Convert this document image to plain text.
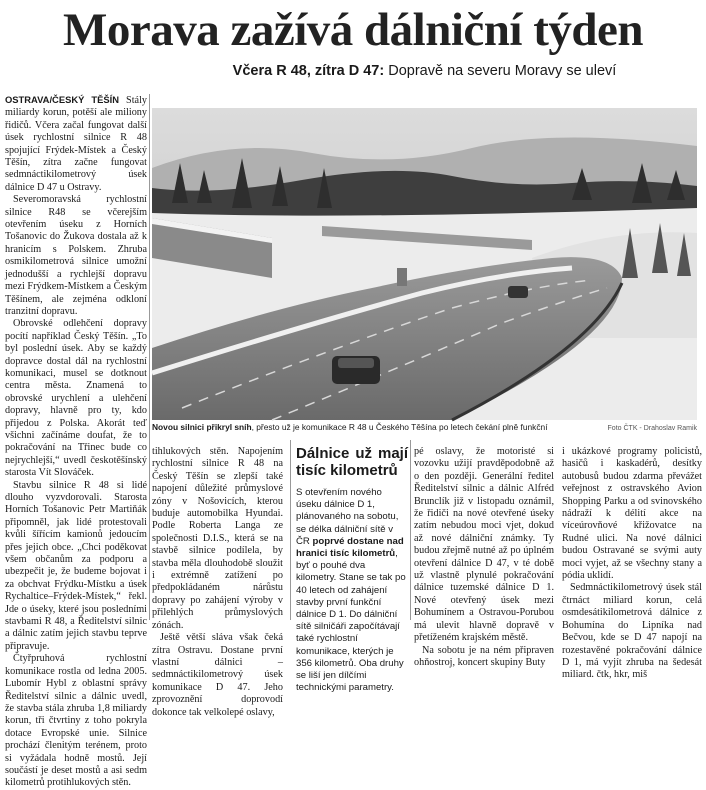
Morava zažívá dálniční týden
Včera R 48, zítra D 47: Dopravě na severu Moravy se uleví

OSTRAVA/ČESKÝ TĚŠÍN Stály miliardy korun, potěší ale miliony řidičů. Včera začal fungovat další úsek rychlostní silnice R 48 spojující Frýdek-Místek a Český Těšín, zítra začne fungovat sedmnáctikilometrový úsek dálnice D 47 u Ostravy.

Severomoravská rychlostní silnice R48 se včerejším otevřením úseku z Horních Tošanovic do Žukova dostala až k hranicím s Polskem. Zhruba osmikilometrová silnice umožní jednodušší a rychlejší dopravu mezi Frýdkem-Místkem a Českým Těšínem, ale zejména odkloní tranzitní dopravu.

Obrovské odlehčení dopravy pocítí například Český Těšín. „To byl poslední úsek. Aby se každý dopravce dostal dál na rychlostní komunikaci, musel se dotknout centra města. Znamená to obrovské urychlení a ulehčení dopravy, hlavně pro ty, kdo přijedou z Polska. Akorát teď všichni začínáme doufat, že to pokračování na Třinec bude co nejrychlejší,“ uvedl českotěšínský starosta Vít Slováček.

Stavbu silnice R 48 si lidé dlouho vyzvdorovali. Starosta Horních Tošanovic Petr Martiňák připomněl, jak lidé protestovali kvůli šířícím kamionů jedoucím přes jejich obce. „Chci poděkovat všem občanům za podporu a ubezpečit je, že budeme bojovat i za obchvat Frýdku-Místku a úsek Rychaltice–Frýdek-Místek,“ řekl. Jde o úseky, které jsou posledními stavbami R 48, a Ředitelství silnic a dálnic zatím jejich stavbu teprve připravuje.

Čtyřpruhová rychlostní komunikace rostla od ledna 2005. Lubomír Hybl z oblastní správy Ředitelství silnic a dálnic uvedl, že stavba stála zhruba 1,8 miliardy korun, tři čtvrtiny z toho pokryla dotace Evropské unie. Silnice prochází členitým terénem, proto si vyžádala hodně mostů. Její součástí je deset mostů a asi sedm kilometrů protihlukových stěn.

Novou silnici přikryl sníh, přesto už je komunikace R 48 u Českého Těšína po letech čekání plně funkční	Foto ČTK - Drahoslav Ramik

tihlukových stěn. Napojením rychlostní silnice R 48 na Český Těšín se zlepší také napojení důležité průmyslové zóny v Nošovicích, kterou buduje automobilka Hyundai. Podle Roberta Langa ze společnosti D.I.S., která se na stavbě silnice podílela, by stavba měla dlouhodobě sloužit i extrémně zatížení po předpokládaném nárůstu dopravy po zahájení výroby v přilehlých průmyslových zónách.

Ještě větší sláva však čeká zítra Ostravu. Dostane první vlastní dálnici – sedmnáctikilometrový úsek komunikace D 47. Jeho zprovoznění doprovodí dokonce tak velkolepé oslavy,

Dálnice už mají tisíc kilometrů
S otevřením nového úseku dálnice D 1, plánovaného na sobotu, se délka dálniční sítě v ČR poprvé dostane nad hranici tisíc kilometrů, byť o pouhé dva kilometry. Stane se tak po 40 letech od zahájení stavby první funkční dálnice D 1. Do dálniční sítě silničáři započítávají také rychlostní komunikace, kterých je 356 kilometrů. Oba druhy se liší jen dílčími technickými parametry.

pé oslavy, že motoristé si vozovku užijí pravděpodobně až o den později. Generální ředitel Ředitelství silnic a dálnic Alfréd Brunclík již v listopadu oznámil, že řidiči na nové otevřené úseky zatím nebudou moci vjet, dokud až nové dálniční známky. Ty budou zřejmě nutné až po úplném otevření dálnice D 47, v té době už vlastně plynulé pokračování dálnice tuzemské dálnice D 1. Nové otevřený úsek mezi Bohumínem a Ostravou-Porubou má ulevit hlavně dopravě v přetíženém krajském městě.

Na sobotu je na ném připraven ohňostroj, koncert skupiny Buty

i ukázkové programy policistů, hasičů i kaskadérů, desítky autobusů budou zdarma převážet veřejnost z ostravského Avion Shopping Parku a od svinovského nádraží k délití akce na víceúrovňové křižovatce na Rudné ulici. Na nové dálnici budou Ostravané se svými auty moci vyjet, až se všechny stany a pódia uklidí.

Sedmnáctikilometrový úsek stál čtrnáct miliard korun, celá osmdesátikilometrová dálnice z Bohumína do Lipníka nad Bečvou, kde se D 47 napojí na rozestavěné pokračování dálnice D 1, má vyjít zhruba na šedesát miliard. čtk, hkr, miš
